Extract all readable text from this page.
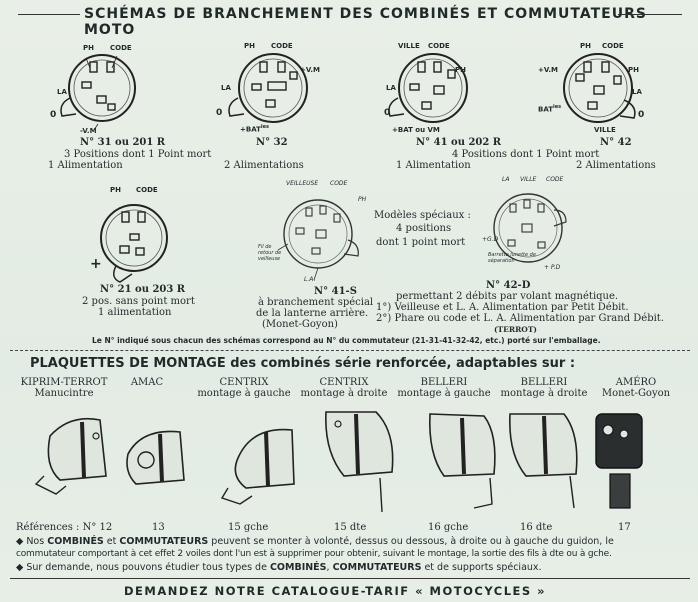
SCHÉMAS DE BRANCHEMENT DES COMBINÉS ET COMMUTATEURS MOTO
PH CODE
LA
0
-V.M
N° 31 ou 201 R
3 Positions dont 1 Point mort
1 Alimentation
PH CODE
+V.M
LA
0
$+BAT^{ies}$
N° 32
2 Alimentations
VILLE CODE
PH
LA
0
+BAT ou VM
N° 41 ou 202 R
4 Positions dont 1 Point mort
1 Alimentation
PH CODE
+V.M	PH
LA
$BAT^{ies}$
0
VILLE
N° 42
2 Alimentations
PH CODE
+
N° 21 ou 203 R
2 pos. sans point mort
1 alimentation
VEILLEUSE CODE
PH
Fil de retour de veilleuse
L.A.
N° 41-S
à branchement spécial
de la lanterne arrière.
(Monet-Goyon)
Modèles spéciaux :
4 positions
dont 1 point mort
LA VILLE CODE
+G.D
Barrette lunette de séparation
+ P.D
N° 42-D
permettant 2 débits par volant magnétique.
1°) Veilleuse et L. A. Alimentation par Petit Débit.
2°) Phare ou code et L. A. Alimentation par Grand Débit.
(TERROT)
Le N° indiqué sous chacun des schémas correspond au N° du commutateur (21-31-41-32-42, etc.) porté sur l'emballage.
PLAQUETTES DE MONTAGE des combinés série renforcée, adaptables sur :
KIPRIM-TERROT
Manucintre
AMAC	CENTRIX
montage à gauche
CENTRIX
montage à droite
BELLERI
montage à gauche
BELLERI
montage à droite
AMÉRO
Monet-Goyon
Références : N° 12	13	15 gche	15 dte	16 gche	16 dte	17
◆ Nos COMBINÉS et COMMUTATEURS peuvent se monter à volonté, dessus ou dessous, à droite ou à gauche du guidon, le
commutateur comportant à cet effet 2 voiles dont l'un est à supprimer pour obtenir, suivant le montage, la sortie des fils à dte ou à gche.
◆ Sur demande, nous pouvons étudier tous types de COMBINÉS, COMMUTATEURS et de supports spéciaux.
DEMANDEZ NOTRE CATALOGUE-TARIF « MOTOCYCLES »
